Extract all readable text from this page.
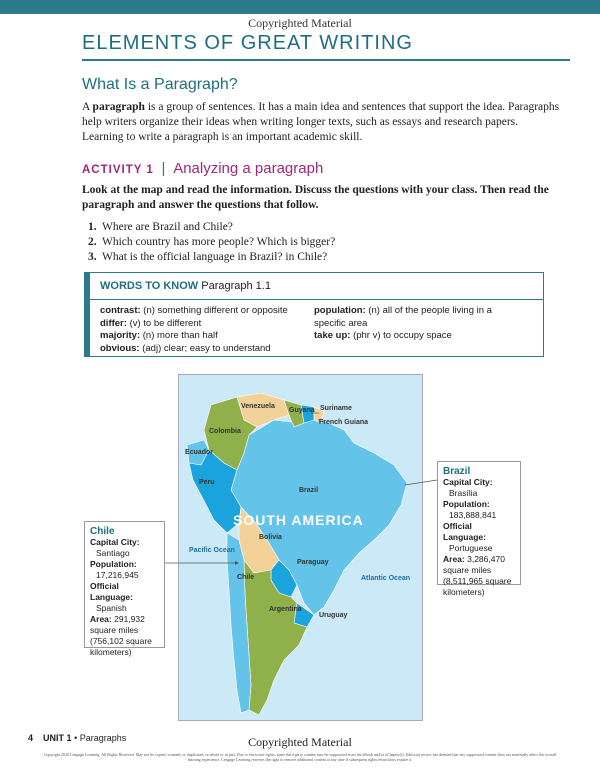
Copyrighted Material
ELEMENTS OF GREAT WRITING
What Is a Paragraph?
A paragraph is a group of sentences. It has a main idea and sentences that support the idea. Paragraphs help writers organize their ideas when writing longer texts, such as essays and research papers. Learning to write a paragraph is an important academic skill.
ACTIVITY 1 | Analyzing a paragraph
Look at the map and read the information. Discuss the questions with your class. Then read the paragraph and answer the questions that follow.
1. Where are Brazil and Chile?
2. Which country has more people? Which is bigger?
3. What is the official language in Brazil? in Chile?
WORDS TO KNOW Paragraph 1.1
contrast: (n) something different or opposite
differ: (v) to be different
majority: (n) more than half
obvious: (adj) clear; easy to understand
population: (n) all of the people living in a specific area
take up: (phr v) to occupy space
Venezuela
Guyana Suriname
French Guiana
Colombia
Ecuador
Peru
Brazil
Bolivia
Paraguay
Chile
Argentina
Uruguay
Pacific Ocean
Atlantic Ocean
SOUTH AMERICA
Brazil
Capital City:
Brasília
Population:
183,888,841
Official Language:
Portuguese
Area: 3,286,470 square miles (8,511,965 square kilometers)
Chile
Capital City:
Santiago
Population:
17,216,945
Official Language:
Spanish
Area: 291,932 square miles (756,102 square kilometers)
4 UNIT 1 • Paragraphs	Copyrighted Material
Copyright 2020 Cengage Learning. All Rights Reserved. May not be copied, scanned, or duplicated, in whole or in part. Due to electronic rights, some third party content may be suppressed from the eBook and/or eChapter(s). Editorial review has deemed that any suppressed content does not materially affect the overall learning experience. Cengage Learning reserves the right to remove additional content at any time if subsequent rights restrictions require it.
